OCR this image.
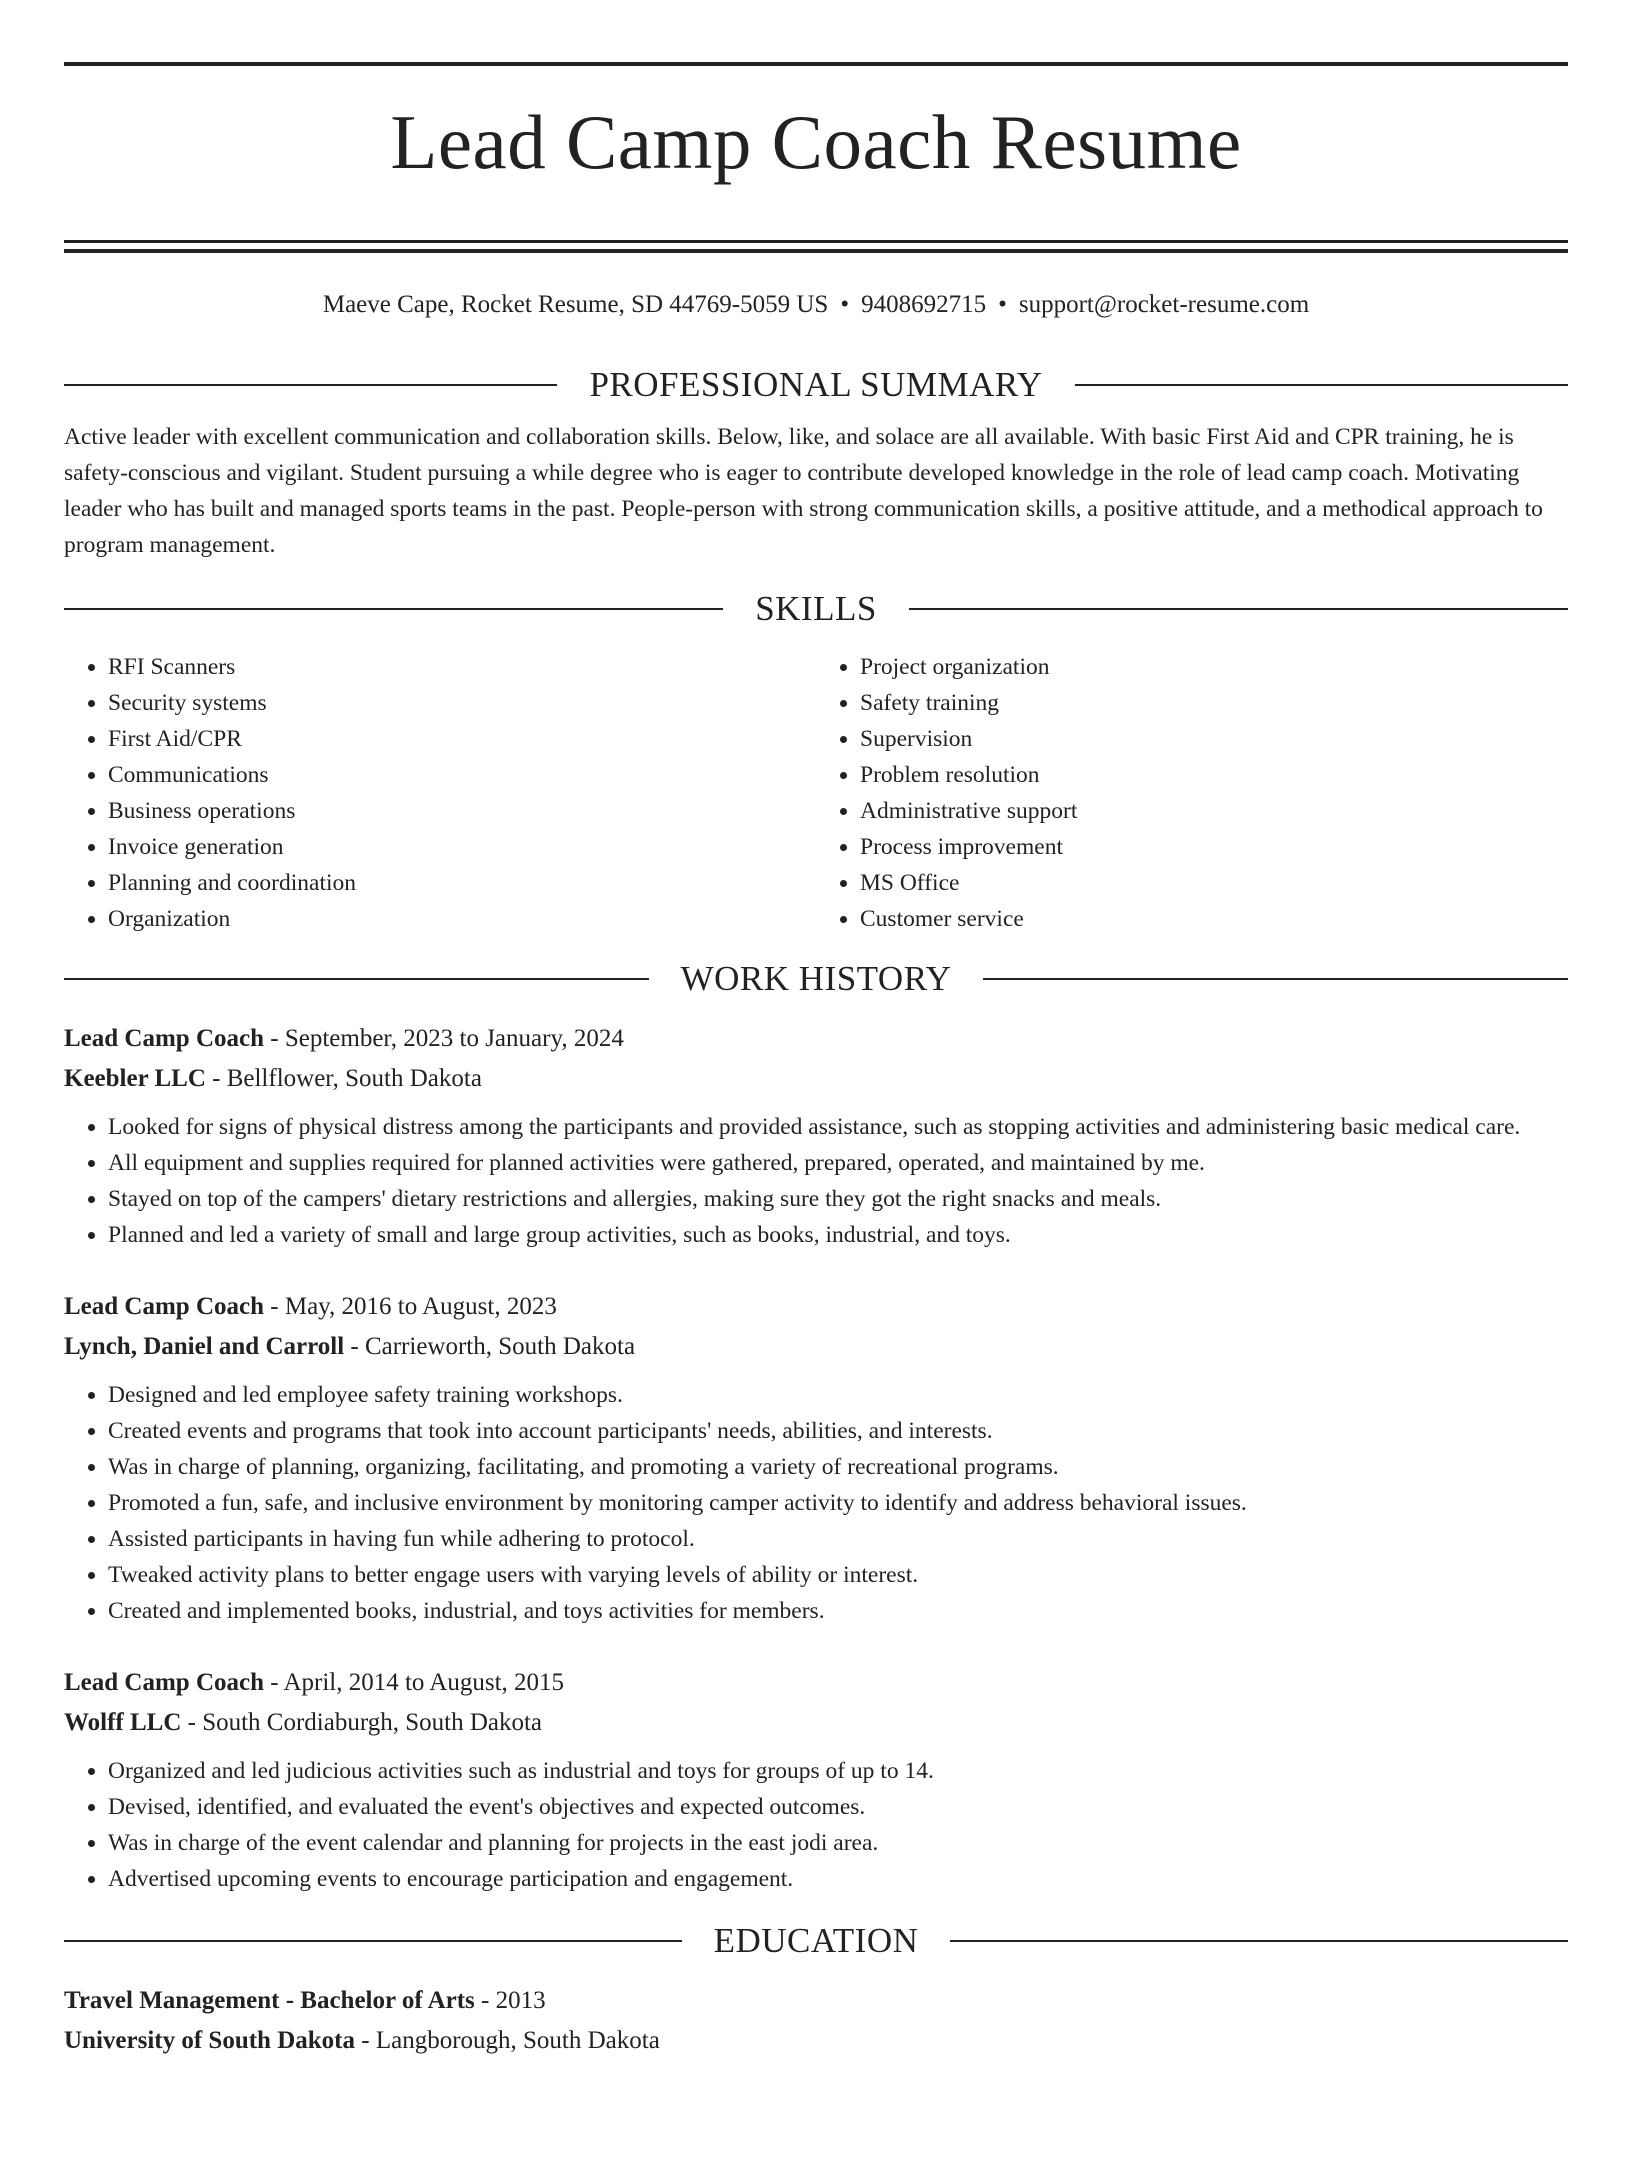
Lead Camp Coach Resume
Maeve Cape, Rocket Resume, SD 44769-5059 US • 9408692715 • support@rocket-resume.com
PROFESSIONAL SUMMARY
Active leader with excellent communication and collaboration skills. Below, like, and solace are all available. With basic First Aid and CPR training, he is safety-conscious and vigilant. Student pursuing a while degree who is eager to contribute developed knowledge in the role of lead camp coach. Motivating leader who has built and managed sports teams in the past. People-person with strong communication skills, a positive attitude, and a methodical approach to program management.
SKILLS
• RFI Scanners
• Security systems
• First Aid/CPR
• Communications
• Business operations
• Invoice generation
• Planning and coordination
• Organization
• Project organization
• Safety training
• Supervision
• Problem resolution
• Administrative support
• Process improvement
• MS Office
• Customer service
WORK HISTORY
Lead Camp Coach - September, 2023 to January, 2024
Keebler LLC - Bellflower, South Dakota
• Looked for signs of physical distress among the participants and provided assistance, such as stopping activities and administering basic medical care.
• All equipment and supplies required for planned activities were gathered, prepared, operated, and maintained by me.
• Stayed on top of the campers' dietary restrictions and allergies, making sure they got the right snacks and meals.
• Planned and led a variety of small and large group activities, such as books, industrial, and toys.
Lead Camp Coach - May, 2016 to August, 2023
Lynch, Daniel and Carroll - Carrieworth, South Dakota
• Designed and led employee safety training workshops.
• Created events and programs that took into account participants' needs, abilities, and interests.
• Was in charge of planning, organizing, facilitating, and promoting a variety of recreational programs.
• Promoted a fun, safe, and inclusive environment by monitoring camper activity to identify and address behavioral issues.
• Assisted participants in having fun while adhering to protocol.
• Tweaked activity plans to better engage users with varying levels of ability or interest.
• Created and implemented books, industrial, and toys activities for members.
Lead Camp Coach - April, 2014 to August, 2015
Wolff LLC - South Cordiaburgh, South Dakota
• Organized and led judicious activities such as industrial and toys for groups of up to 14.
• Devised, identified, and evaluated the event's objectives and expected outcomes.
• Was in charge of the event calendar and planning for projects in the east jodi area.
• Advertised upcoming events to encourage participation and engagement.
EDUCATION
Travel Management - Bachelor of Arts - 2013
University of South Dakota - Langborough, South Dakota
